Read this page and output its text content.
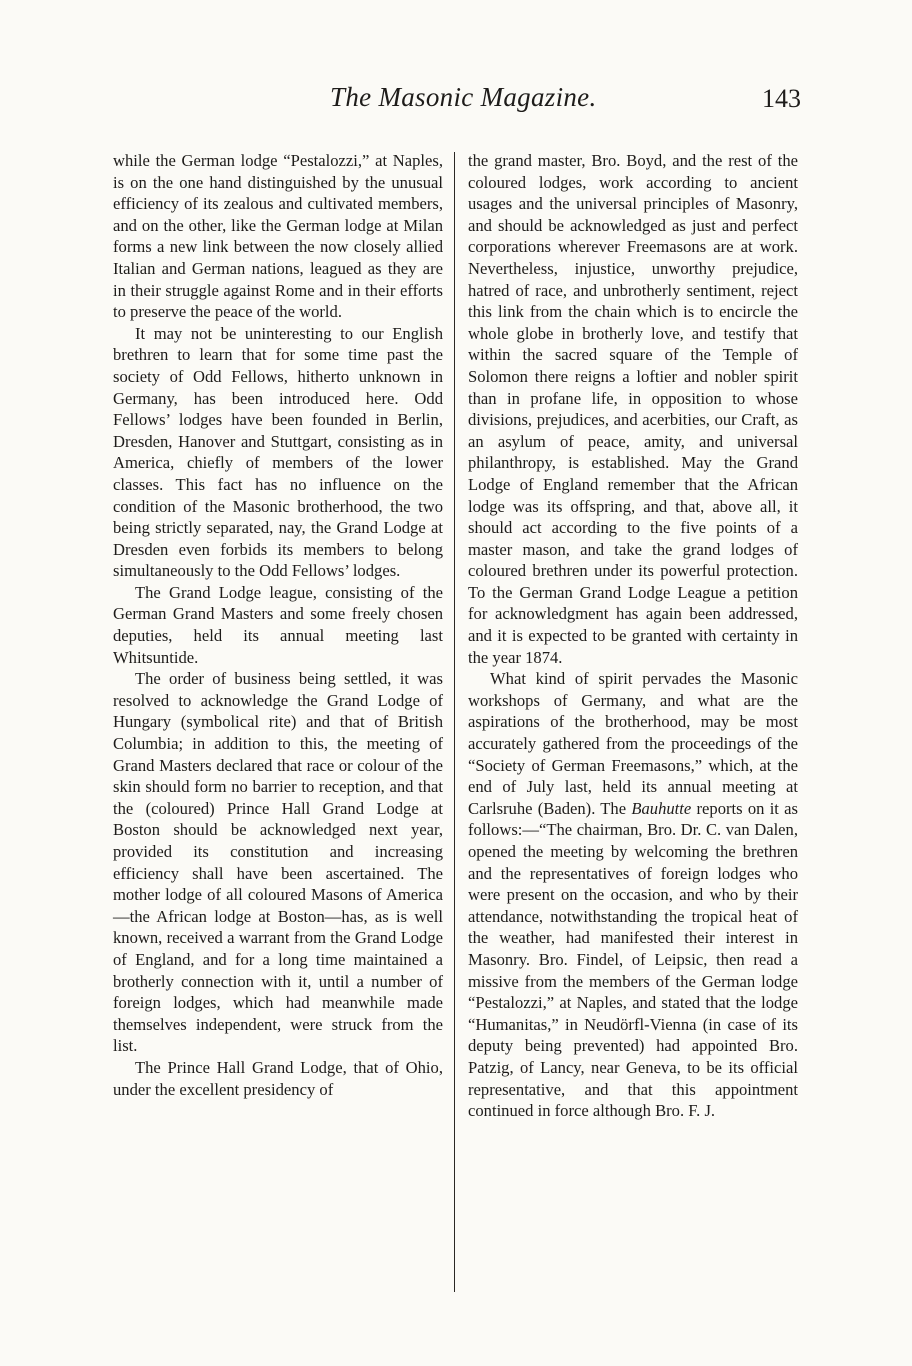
The Masonic Magazine.	143

while the German lodge “Pestalozzi,” at Naples, is on the one hand distinguished by the unusual efficiency of its zealous and cultivated members, and on the other, like the German lodge at Milan forms a new link between the now closely allied Italian and German nations, leagued as they are in their struggle against Rome and in their efforts to preserve the peace of the world.

It may not be uninteresting to our English brethren to learn that for some time past the society of Odd Fellows, hitherto unknown in Germany, has been introduced here. Odd Fellows’ lodges have been founded in Berlin, Dresden, Hanover and Stuttgart, consisting as in America, chiefly of members of the lower classes. This fact has no influence on the condition of the Masonic brotherhood, the two being strictly separated, nay, the Grand Lodge at Dresden even forbids its members to belong simultaneously to the Odd Fellows’ lodges.

The Grand Lodge league, consisting of the German Grand Masters and some freely chosen deputies, held its annual meeting last Whitsuntide.

The order of business being settled, it was resolved to acknowledge the Grand Lodge of Hungary (symbolical rite) and that of British Columbia; in addition to this, the meeting of Grand Masters declared that race or colour of the skin should form no barrier to reception, and that the (coloured) Prince Hall Grand Lodge at Boston should be acknowledged next year, provided its constitution and increasing efficiency shall have been ascertained. The mother lodge of all coloured Masons of America—the African lodge at Boston—has, as is well known, received a warrant from the Grand Lodge of England, and for a long time maintained a brotherly connection with it, until a number of foreign lodges, which had meanwhile made themselves independent, were struck from the list.

The Prince Hall Grand Lodge, that of Ohio, under the excellent presidency of

the grand master, Bro. Boyd, and the rest of the coloured lodges, work according to ancient usages and the universal principles of Masonry, and should be acknowledged as just and perfect corporations wherever Freemasons are at work. Nevertheless, injustice, unworthy prejudice, hatred of race, and unbrotherly sentiment, reject this link from the chain which is to encircle the whole globe in brotherly love, and testify that within the sacred square of the Temple of Solomon there reigns a loftier and nobler spirit than in profane life, in opposition to whose divisions, prejudices, and acerbities, our Craft, as an asylum of peace, amity, and universal philanthropy, is established. May the Grand Lodge of England remember that the African lodge was its offspring, and that, above all, it should act according to the five points of a master mason, and take the grand lodges of coloured brethren under its powerful protection. To the German Grand Lodge League a petition for acknowledgment has again been addressed, and it is expected to be granted with certainty in the year 1874.

What kind of spirit pervades the Masonic workshops of Germany, and what are the aspirations of the brotherhood, may be most accurately gathered from the proceedings of the “Society of German Freemasons,” which, at the end of July last, held its annual meeting at Carlsruhe (Baden). The Bauhutte reports on it as follows:—“The chairman, Bro. Dr. C. van Dalen, opened the meeting by welcoming the brethren and the representatives of foreign lodges who were present on the occasion, and who by their attendance, notwithstanding the tropical heat of the weather, had manifested their interest in Masonry. Bro. Findel, of Leipsic, then read a missive from the members of the German lodge “Pestalozzi,” at Naples, and stated that the lodge “Humanitas,” in Neudörfl-Vienna (in case of its deputy being prevented) had appointed Bro. Patzig, of Lancy, near Geneva, to be its official representative, and that this appointment continued in force although Bro. F. J.
